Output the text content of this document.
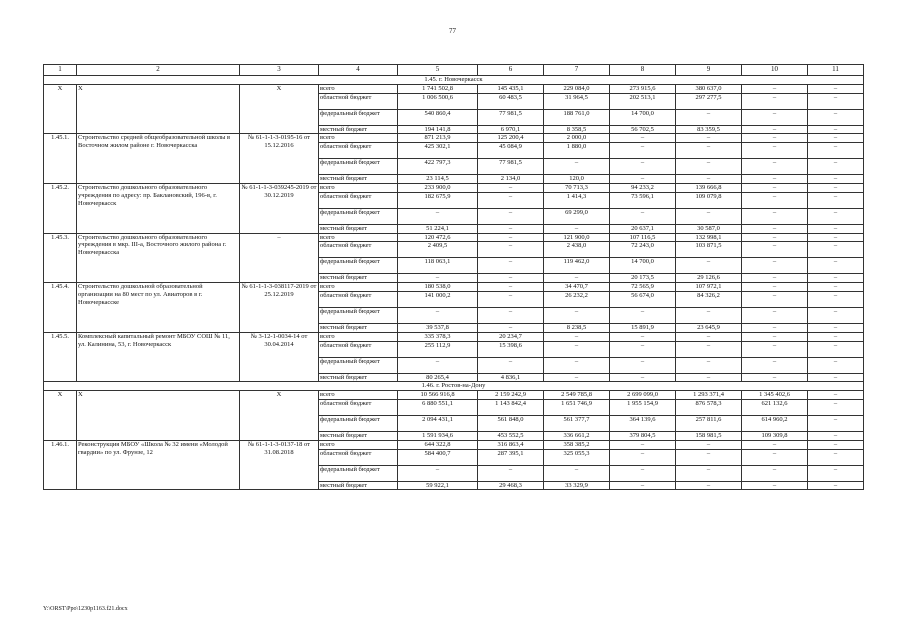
77
1	2	3	4	5	6	7	8	9	10	11
1.45. г. Новочеркасск										
Х	Х	Х	всего	1 741 502,8	145 435,1	229 084,0	273 915,6	380 637,0	–	–
			областной бюджет	1 006 500,6	60 483,5	31 964,5	202 513,1	297 277,5	–	–
			федеральный бюджет	540 860,4	77 981,5	188 761,0	14 700,0	–	–	–
			местный бюджет	194 141,8	6 970,1	8 358,5	56 702,5	83 359,5	–	–
1.45.1.	Строительство средней общеобразовательной школы в Восточном жилом районе г. Новочеркасска	№ 61-1-1-3-0195-16 от 15.12.2016	всего	871 213,9	125 200,4	2 000,0	–	–	–	–
			областной бюджет	425 302,1	45 084,9	1 880,0	–	–	–	–
			федеральный бюджет	422 797,3	77 981,5	–	–	–	–	–
			местный бюджет	23 114,5	2 134,0	120,0	–	–	–	–
1.45.2.	Строительство дошкольного образовательного учреждения по адресу: пр. Баклановский, 196-в, г. Новочеркасск	№ 61-1-1-3-039245-2019 от 30.12.2019	всего	233 900,0	–	70 713,3	94 233,2	139 666,8	–	–
			областной бюджет	182 675,9	–	1 414,3	73 596,1	109 079,8	–	–
			федеральный бюджет	–	–	69 299,0	–	–	–	–
			местный бюджет	51 224,1	–	–	20 637,1	30 587,0	–	–
1.45.3.	Строительство дошкольного образовательного учреждения в мкр. III-а, Восточного жилого района г. Новочеркасска	–	всего	120 472,6	–	121 900,0	107 116,5	132 998,1	–	–
			областной бюджет	2 409,5	–	2 438,0	72 243,0	103 871,5	–	–
			федеральный бюджет	118 063,1	–	119 462,0	14 700,0	–	–	–
			местный бюджет	–	–	–	20 173,5	29 126,6	–	–
1.45.4.	Строительство дошкольной образовательной организации на 80 мест по ул. Авиаторов в г. Новочеркасске	№ 61-1-1-3-038117-2019 от 25.12.2019	всего	180 538,0	–	34 470,7	72 565,9	107 972,1	–	–
			областной бюджет	141 000,2	–	26 232,2	56 674,0	84 326,2	–	–
			федеральный бюджет	–	–	–	–	–	–	–
			местный бюджет	39 537,8	–	8 238,5	15 891,9	23 645,9	–	–
1.45.5.	Комплексный капитальный ремонт МБОУ СОШ № 11, ул. Калинина, 53, г. Новочеркасск	№ 3-12-1-0034-14 от 30.04.2014	всего	335 378,3	20 234,7	–	–	–	–	–
			областной бюджет	255 112,9	15 398,6	–	–	–	–	–
			федеральный бюджет	–	–	–	–	–	–	–
			местный бюджет	80 265,4	4 836,1	–	–	–	–	–
1.46. г. Ростов-на-Дону										
Х	Х	Х	всего	10 566 916,8	2 159 242,9	2 549 785,8	2 699 099,0	1 293 371,4	1 345 402,6	–
			областной бюджет	6 880 551,1	1 143 842,4	1 651 746,9	1 955 154,9	876 578,3	621 132,6	–
			федеральный бюджет	2 094 431,1	561 848,0	561 377,7	364 139,6	257 811,6	614 960,2	–
			местный бюджет	1 591 934,6	453 552,5	336 661,2	379 804,5	158 981,5	109 309,8	–
1.46.1.	Реконструкция МБОУ «Школа № 32 имени «Молодой гвардии» по ул. Фрунзе, 12	№ 61-1-1-3-0137-18 от 31.08.2018	всего	644 322,8	316 863,4	358 385,2	–	–	–	–
			областной бюджет	584 400,7	287 395,1	325 055,3	–	–	–	–
			федеральный бюджет	–	–	–	–	–	–	–
			местный бюджет	59 922,1	29 468,3	33 329,9	–	–	–	–
Y:\ORST\Ppo\1230p1163.f21.docx
